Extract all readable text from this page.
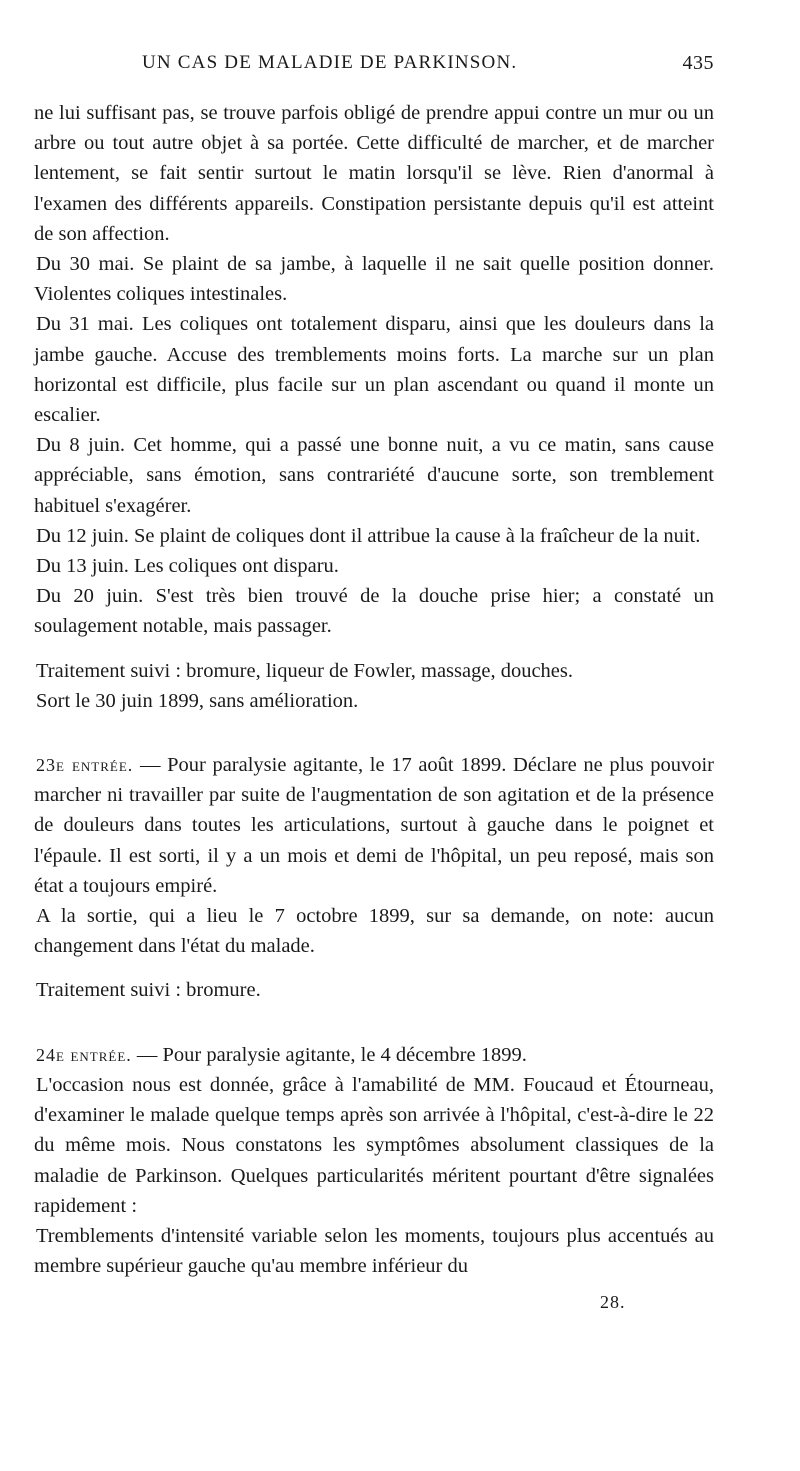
UN CAS DE MALADIE DE PARKINSON.	435

ne lui suffisant pas, se trouve parfois obligé de prendre appui contre un mur ou un arbre ou tout autre objet à sa portée. Cette difficulté de marcher, et de marcher lentement, se fait sentir surtout le matin lorsqu'il se lève. Rien d'anormal à l'examen des différents appareils. Constipation persistante depuis qu'il est atteint de son affection.

Du 30 mai. Se plaint de sa jambe, à laquelle il ne sait quelle position donner. Violentes coliques intestinales.

Du 31 mai. Les coliques ont totalement disparu, ainsi que les douleurs dans la jambe gauche. Accuse des tremblements moins forts. La marche sur un plan horizontal est difficile, plus facile sur un plan ascendant ou quand il monte un escalier.

Du 8 juin. Cet homme, qui a passé une bonne nuit, a vu ce matin, sans cause appréciable, sans émotion, sans contrariété d'aucune sorte, son tremblement habituel s'exagérer.

Du 12 juin. Se plaint de coliques dont il attribue la cause à la fraîcheur de la nuit.

Du 13 juin. Les coliques ont disparu.

Du 20 juin. S'est très bien trouvé de la douche prise hier; a constaté un soulagement notable, mais passager.

Traitement suivi : bromure, liqueur de Fowler, massage, douches.

Sort le 30 juin 1899, sans amélioration.

23e entrée. — Pour paralysie agitante, le 17 août 1899. Déclare ne plus pouvoir marcher ni travailler par suite de l'augmentation de son agitation et de la présence de douleurs dans toutes les articulations, surtout à gauche dans le poignet et l'épaule. Il est sorti, il y a un mois et demi de l'hôpital, un peu reposé, mais son état a toujours empiré.

A la sortie, qui a lieu le 7 octobre 1899, sur sa demande, on note: aucun changement dans l'état du malade.

Traitement suivi : bromure.

24e entrée. — Pour paralysie agitante, le 4 décembre 1899.

L'occasion nous est donnée, grâce à l'amabilité de MM. Foucaud et Étourneau, d'examiner le malade quelque temps après son arrivée à l'hôpital, c'est-à-dire le 22 du même mois. Nous constatons les symptômes absolument classiques de la maladie de Parkinson. Quelques particularités méritent pourtant d'être signalées rapidement :

Tremblements d'intensité variable selon les moments, toujours plus accentués au membre supérieur gauche qu'au membre inférieur du

28.
